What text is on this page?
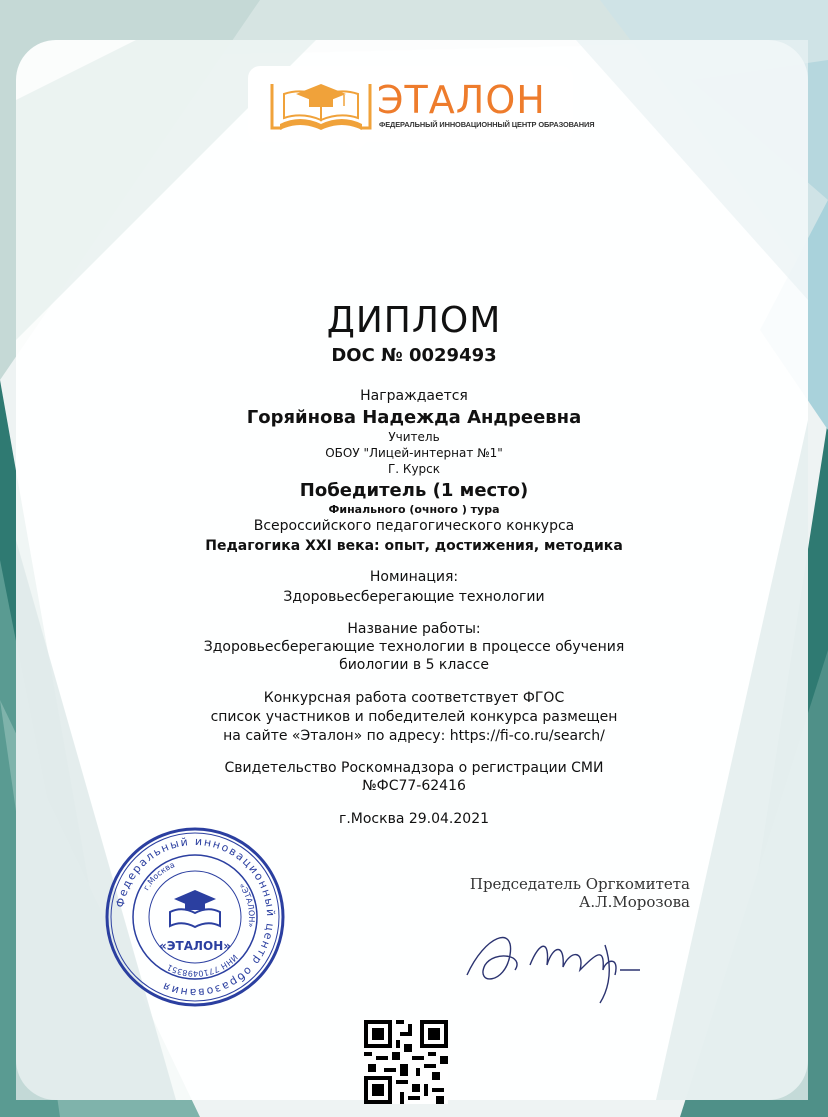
ЭТАЛОН
ФЕДЕРАЛЬНЫЙ ИННОВАЦИОННЫЙ ЦЕНТР ОБРАЗОВАНИЯ
ДИПЛОМ
DOC № 0029493
Награждается
Горяйнова Надежда Андреевна
Учитель
ОБОУ "Лицей-интернат №1"
Г. Курск
Победитель (1 место)
Финального (очного ) тура
Всероссийского педагогического конкурса
Педагогика XXI века: опыт, достижения, методика
Номинация:
Здоровьесберегающие технологии
Название работы:
Здоровьесберегающие технологии в процессе обучения
биологии в 5 классе
Конкурсная работа соответствует ФГОС
список участников и победителей конкурса размещен
на сайте «Эталон» по адресу: https://fi-co.ru/search/
Свидетельство Роскомнадзора о регистрации СМИ
№ФС77-62416
г.Москва 29.04.2021
Федеральный инновационный центр образования
ИНН 7710498351
г.Москва
«ЭТАЛОН»
«ЭТАЛОН»
Председатель Оргкомитета
А.Л.Морозова
